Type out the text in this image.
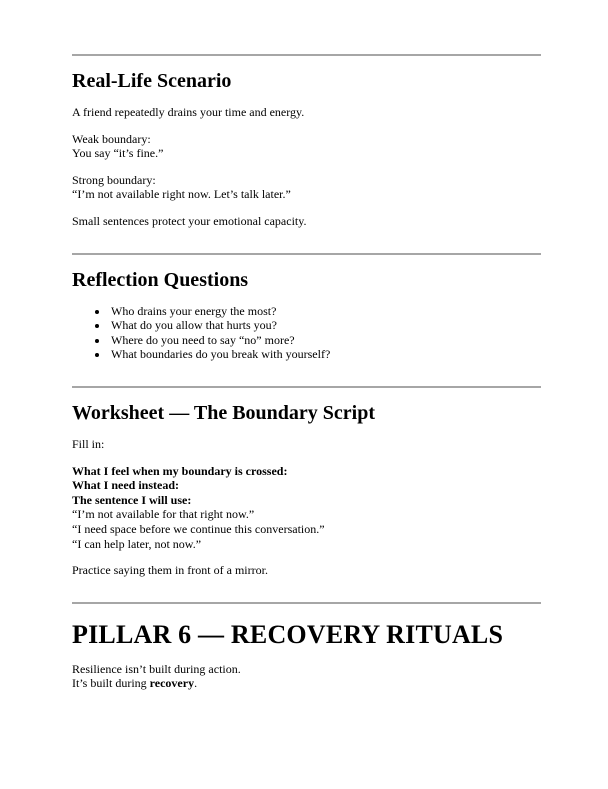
Real-Life Scenario

A friend repeatedly drains your time and energy.

Weak boundary:
You say “it’s fine.”

Strong boundary:
“I’m not available right now. Let’s talk later.”

Small sentences protect your emotional capacity.

Reflection Questions
• Who drains your energy the most?
• What do you allow that hurts you?
• Where do you need to say “no” more?
• What boundaries do you break with yourself?
Worksheet — The Boundary Script

Fill in:

What I feel when my boundary is crossed:
What I need instead:
The sentence I will use:
“I’m not available for that right now.”
“I need space before we continue this conversation.”
“I can help later, not now.”

Practice saying them in front of a mirror.

PILLAR 6 — RECOVERY RITUALS

Resilience isn’t built during action.
It’s built during recovery.
